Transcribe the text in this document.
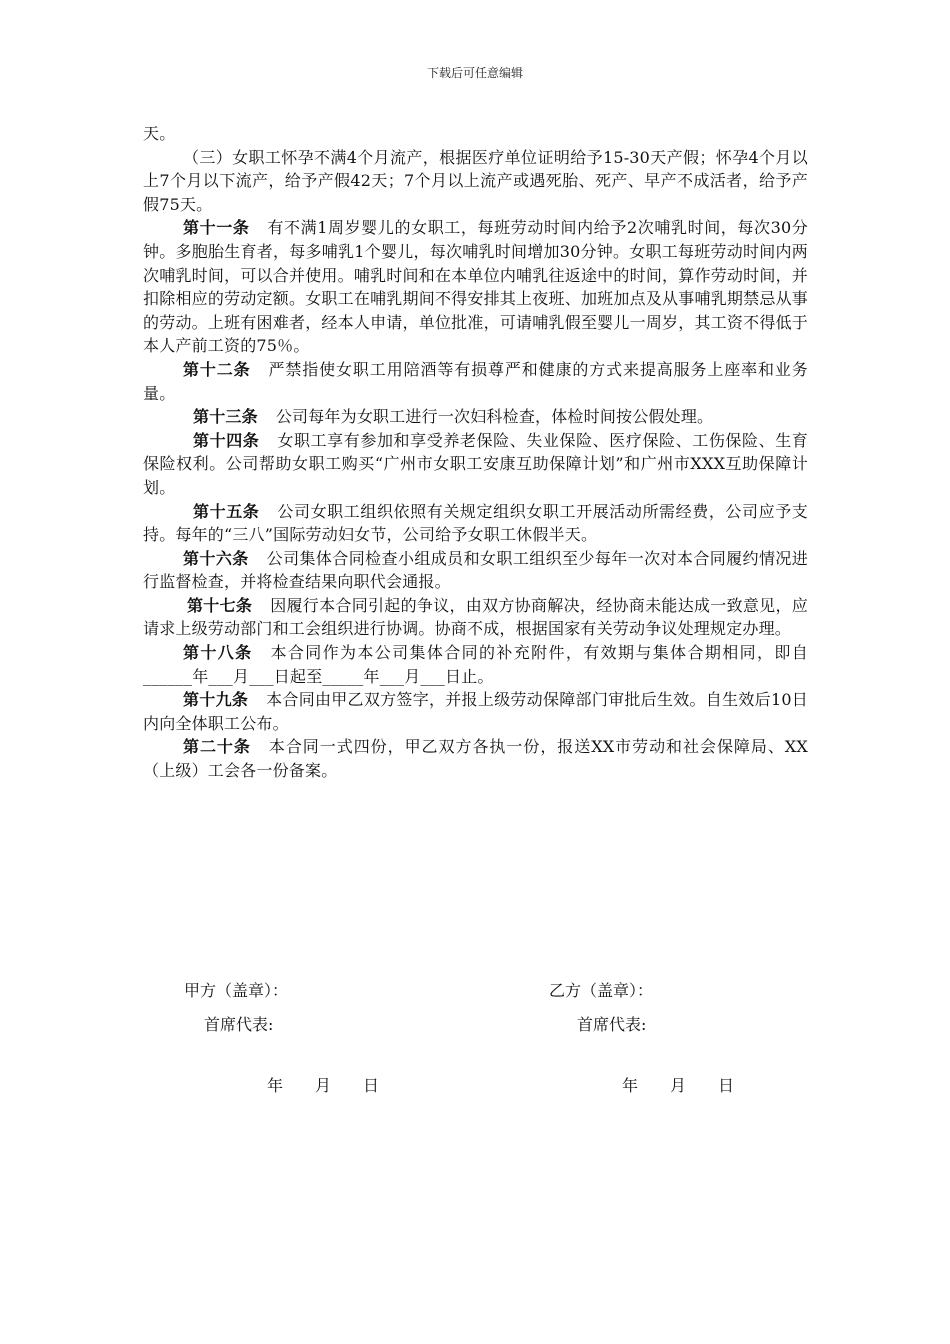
下载后可任意编辑

天。

（三）女职工怀孕不满4个月流产，根据医疗单位证明给予15-30天产假；怀孕4个月以上7个月以下流产，给予产假42天；7个月以上流产或遇死胎、死产、早产不成活者，给予产假75天。

第十一条 有不满1周岁婴儿的女职工，每班劳动时间内给予2次哺乳时间，每次30分钟。多胞胎生育者，每多哺乳1个婴儿，每次哺乳时间增加30分钟。女职工每班劳动时间内两次哺乳时间，可以合并使用。哺乳时间和在本单位内哺乳往返途中的时间，算作劳动时间，并扣除相应的劳动定额。女职工在哺乳期间不得安排其上夜班、加班加点及从事哺乳期禁忌从事的劳动。上班有困难者，经本人申请，单位批准，可请哺乳假至婴儿一周岁，其工资不得低于本人产前工资的75％。

第十二条 严禁指使女职工用陪酒等有损尊严和健康的方式来提高服务上座率和业务量。

第十三条 公司每年为女职工进行一次妇科检查，体检时间按公假处理。

第十四条 女职工享有参加和享受养老保险、失业保险、医疗保险、工伤保险、生育保险权利。公司帮助女职工购买“广州市女职工安康互助保障计划”和广州市XXX互助保障计划。

第十五条 公司女职工组织依照有关规定组织女职工开展活动所需经费，公司应予支持。每年的“三八”国际劳动妇女节，公司给予女职工休假半天。

第十六条 公司集体合同检查小组成员和女职工组织至少每年一次对本合同履约情况进行监督检查，并将检查结果向职代会通报。

第十七条 因履行本合同引起的争议，由双方协商解决，经协商未能达成一致意见，应请求上级劳动部门和工会组织进行协调。协商不成，根据国家有关劳动争议处理规定办理。

第十八条 本合同作为本公司集体合同的补充附件，有效期与集体合期相同，即自______年___月___日起至_____年___月___日止。

第十九条 本合同由甲乙双方签字，并报上级劳动保障部门审批后生效。自生效后10日内向全体职工公布。

第二十条 本合同一式四份，甲乙双方各执一份，报送XX市劳动和社会保障局、XX（上级）工会各一份备案。

甲方（盖章）：	乙方（盖章）：
首席代表:	首席代表:
年 月 日	年 月 日
